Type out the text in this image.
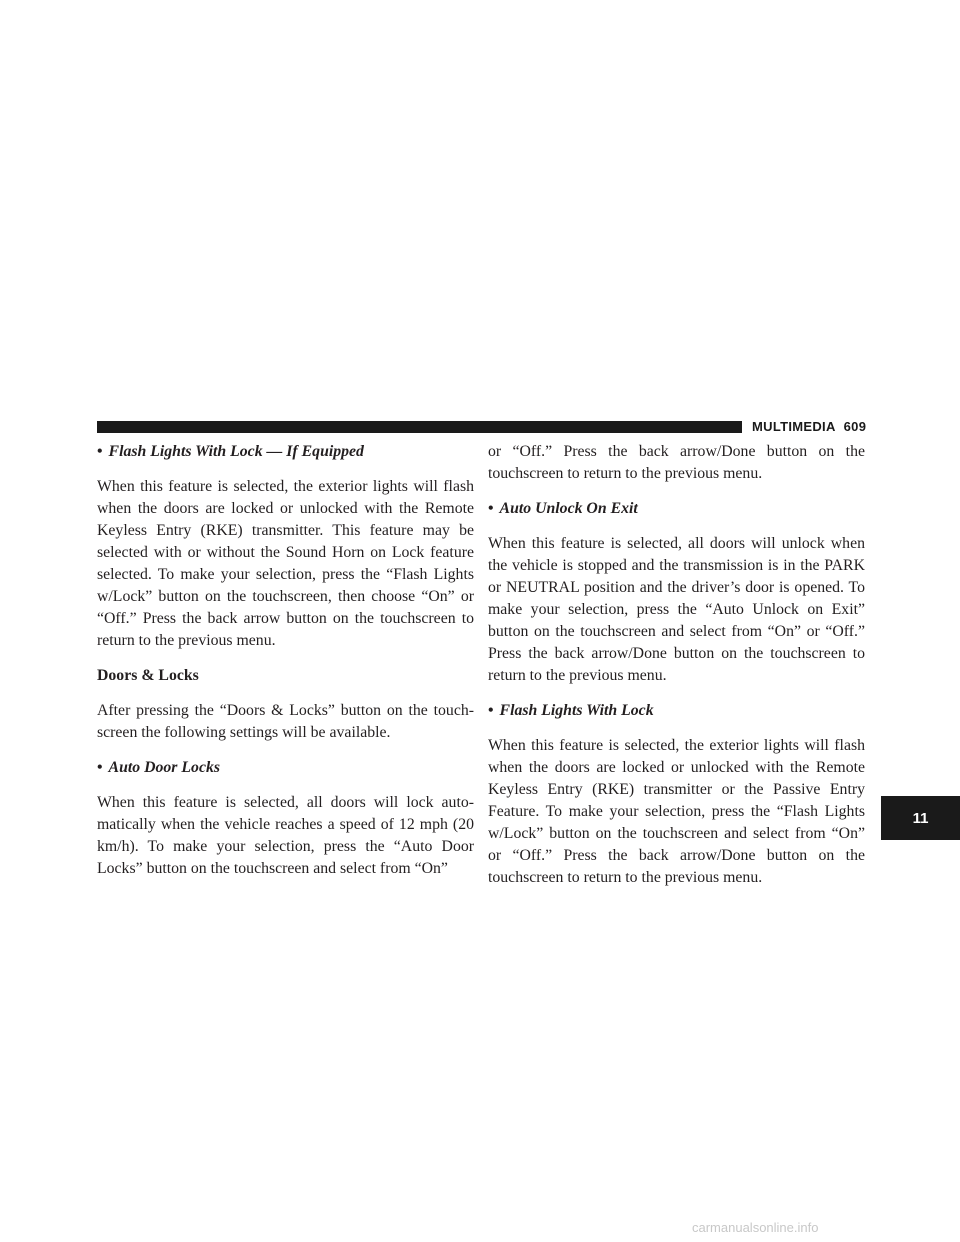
MULTIMEDIA 609
• Flash Lights With Lock — If Equipped

When this feature is selected, the exterior lights will flash when the doors are locked or unlocked with the Remote Keyless Entry (RKE) transmitter. This feature may be selected with or without the Sound Horn on Lock feature selected. To make your selection, press the “Flash Lights w/Lock” button on the touchscreen, then choose “On” or “Off.” Press the back arrow button on the touchscreen to return to the previous menu.

Doors & Locks

After pressing the “Doors & Locks” button on the touch-screen the following settings will be available.

• Auto Door Locks

When this feature is selected, all doors will lock auto-matically when the vehicle reaches a speed of 12 mph (20 km/h). To make your selection, press the “Auto Door Locks” button on the touchscreen and select from “On”

or “Off.” Press the back arrow/Done button on the touchscreen to return to the previous menu.

• Auto Unlock On Exit

When this feature is selected, all doors will unlock when the vehicle is stopped and the transmission is in the PARK or NEUTRAL position and the driver’s door is opened. To make your selection, press the “Auto Unlock on Exit” button on the touchscreen and select from “On” or “Off.” Press the back arrow/Done button on the touchscreen to return to the previous menu.

• Flash Lights With Lock

When this feature is selected, the exterior lights will flash when the doors are locked or unlocked with the Remote Keyless Entry (RKE) transmitter or the Passive Entry Feature. To make your selection, press the “Flash Lights w/Lock” button on the touchscreen and select from “On” or “Off.” Press the back arrow/Done button on the touchscreen to return to the previous menu.

11
carmanualsonline.info
